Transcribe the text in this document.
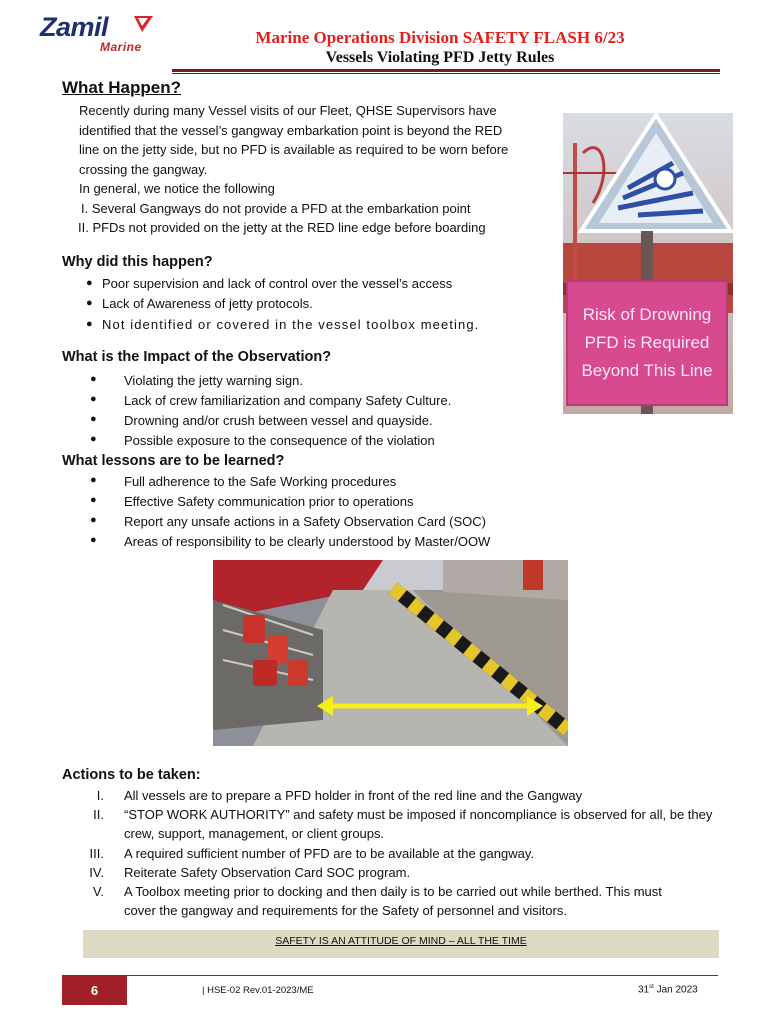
Zamil
Marine	Marine Operations Division SAFETY FLASH 6/23
Vessels Violating PFD Jetty Rules
What Happen?
Recently during many Vessel visits of our Fleet, QHSE Supervisors have
identified that the vessel’s gangway embarkation point is beyond the RED
line on the jetty side, but no PFD is available as required to be worn before
crossing the gangway.
In general, we notice the following
I. Several Gangways do not provide a PFD at the embarkation point
II. PFDs not provided on the jetty at the RED line edge before boarding
Why did this happen?
● Poor supervision and lack of control over the vessel’s access
● Lack of Awareness of jetty protocols.
● Not identified or covered in the vessel toolbox meeting.
What is the Impact of the Observation?
● Violating the jetty warning sign.
● Lack of crew familiarization and company Safety Culture.
● Drowning and/or crush between vessel and quayside.
● Possible exposure to the consequence of the violation
What lessons are to be learned?
● Full adherence to the Safe Working procedures
● Effective Safety communication prior to operations
● Report any unsafe actions in a Safety Observation Card (SOC)
● Areas of responsibility to be clearly understood by Master/OOW
Risk of Drowning
PFD is Required
Beyond This Line
Actions to be taken:
I. All vessels are to prepare a PFD holder in front of the red line and the Gangway
II. “STOP WORK AUTHORITY” and safety must be imposed if noncompliance is observed for all, be they
crew, support, management, or client groups.
III. A required sufficient number of PFD are to be available at the gangway.
IV. Reiterate Safety Observation Card SOC program.
V. A Toolbox meeting prior to docking and then daily is to be carried out while berthed. This must
cover the gangway and requirements for the Safety of personnel and visitors.
SAFETY IS AN ATTITUDE OF MIND – ALL THE TIME
6	| HSE-02 Rev.01-2023/ME	31st Jan 2023
